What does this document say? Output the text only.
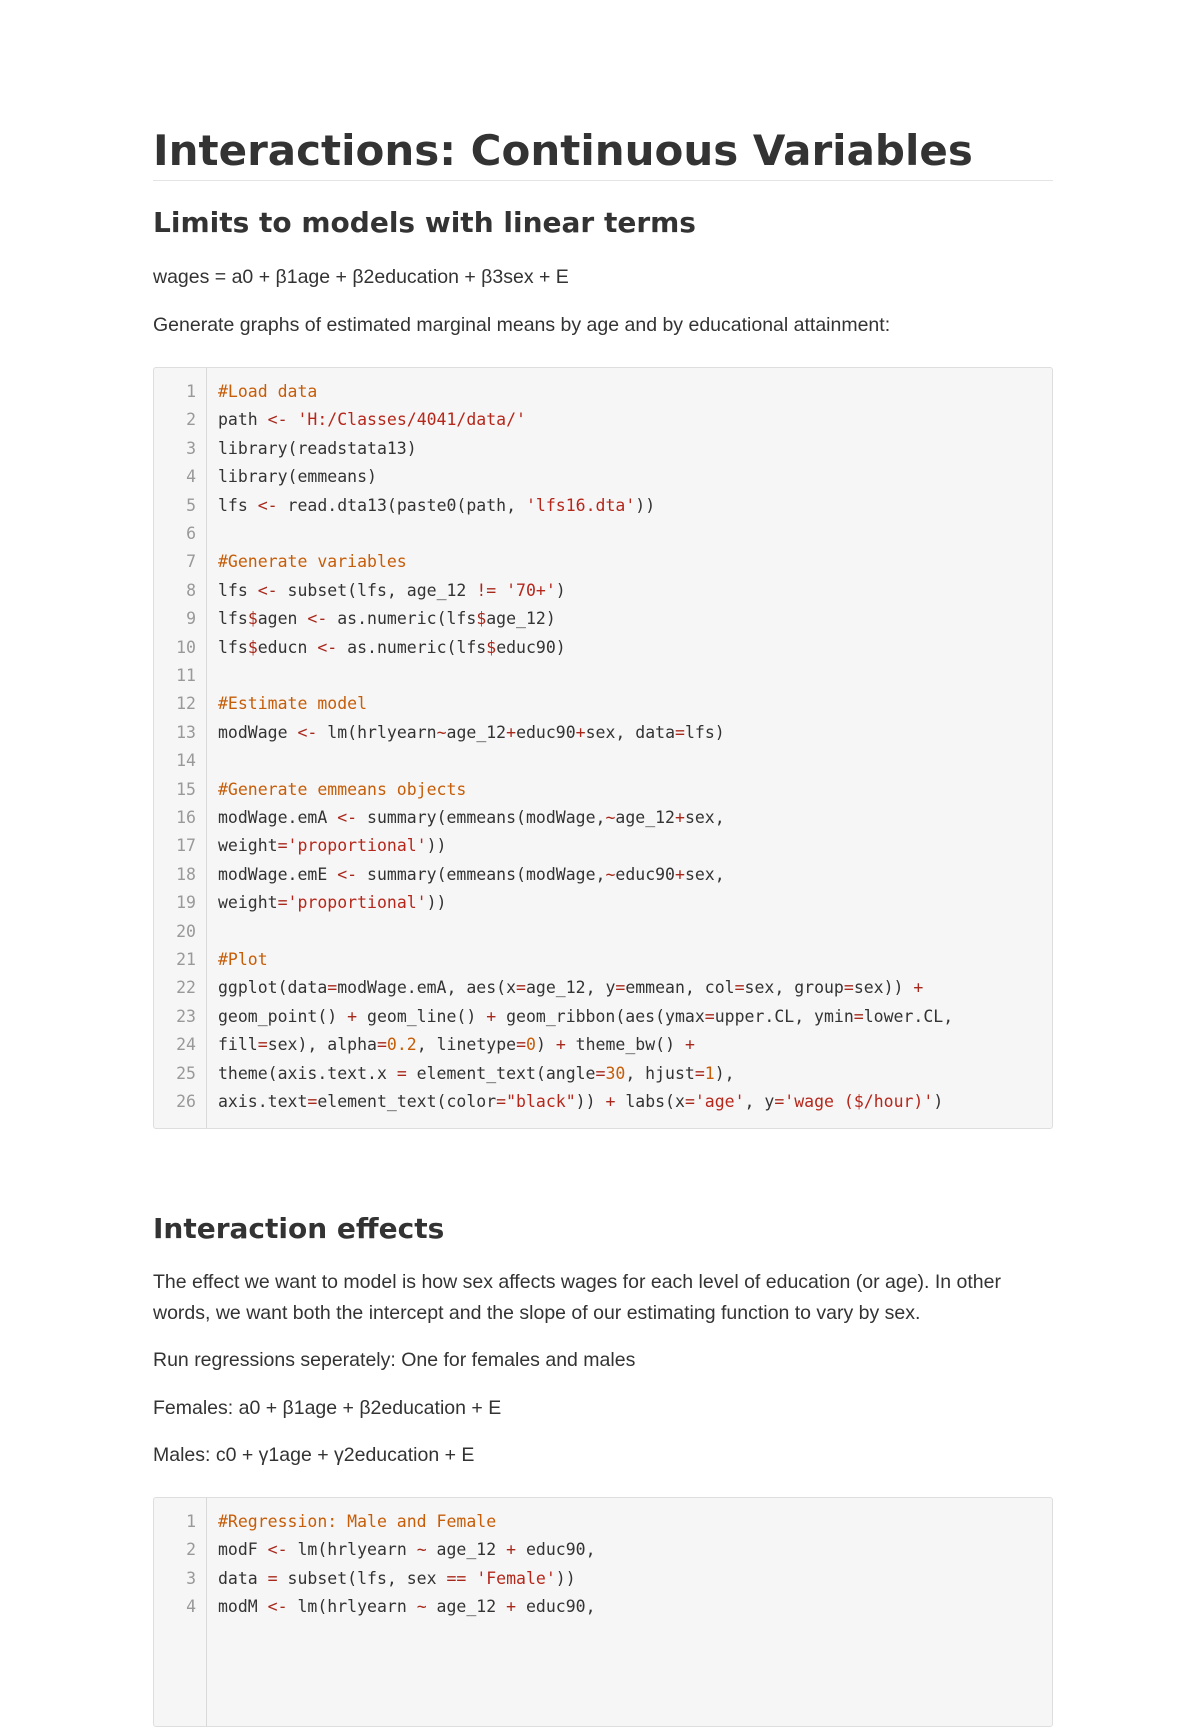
Interactions: Continuous Variables
Limits to models with linear terms

wages = a0 + β1age + β2education + β3sex + E

Generate graphs of estimated marginal means by age and by educational attainment:

1 #Load data
2 path <- 'H:/Classes/4041/data/'
3 library(readstata13)
4 library(emmeans)
5 lfs <- read.dta13(paste0(path, 'lfs16.dta'))
6
7 #Generate variables
8 lfs <- subset(lfs, age_12 != '70+')
9 lfs$agen <- as.numeric(lfs$age_12)
10 lfs$educn <- as.numeric(lfs$educ90)
11
12 #Estimate model
13 modWage <- lm(hrlyearn~age_12+educ90+sex, data=lfs)
14
15 #Generate emmeans objects
16 modWage.emA <- summary(emmeans(modWage,~age_12+sex,
17 weight='proportional'))
18 modWage.emE <- summary(emmeans(modWage,~educ90+sex,
19 weight='proportional'))
20
21 #Plot
22 ggplot(data=modWage.emA, aes(x=age_12, y=emmean, col=sex, group=sex)) +
23 geom_point() + geom_line() + geom_ribbon(aes(ymax=upper.CL, ymin=lower.CL,
24 fill=sex), alpha=0.2, linetype=0) + theme_bw() +
25 theme(axis.text.x = element_text(angle=30, hjust=1),
26 axis.text=element_text(color="black")) + labs(x='age', y='wage ($/hour)')
Interaction effects

The effect we want to model is how sex affects wages for each level of education (or age). In other

words, we want both the intercept and the slope of our estimating function to vary by sex.

Run regressions seperately: One for females and males

Females: a0 + β1age + β2education + E

Males: c0 + γ1age + γ2education + E

1 #Regression: Male and Female
2 modF <- lm(hrlyearn ~ age_12 + educ90,
3 data = subset(lfs, sex == 'Female'))
4 modM <- lm(hrlyearn ~ age_12 + educ90,
